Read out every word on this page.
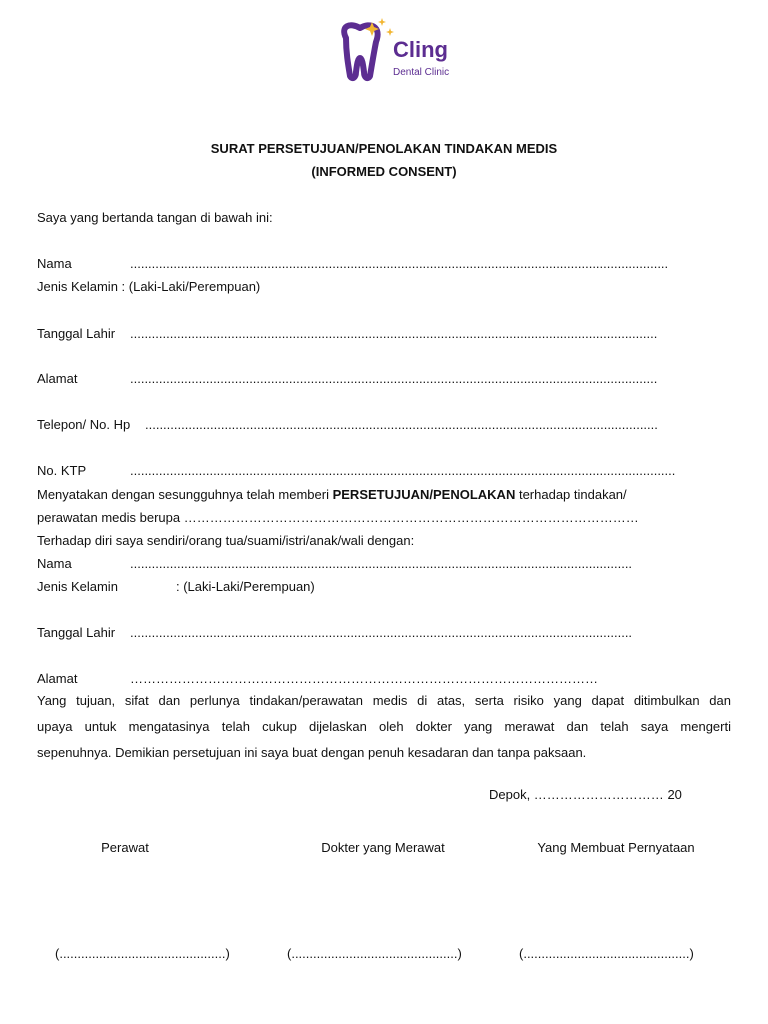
Cling
Dental Clinic
SURAT PERSETUJUAN/PENOLAKAN TINDAKAN MEDIS
(INFORMED CONSENT)
Saya yang bertanda tangan di bawah ini:
Nama	.....................................................................................................................................................
Jenis Kelamin : (Laki-Laki/Perempuan)
Tanggal Lahir ..................................................................................................................................................
Alamat	..................................................................................................................................................
Telepon/ No. Hp ..............................................................................................................................................
No. KTP	.......................................................................................................................................................
Menyatakan dengan sesungguhnya telah memberi PERSETUJUAN/PENOLAKAN terhadap tindakan/
perawatan medis berupa ……………………………………………………………………………………………
Terhadap diri saya sendiri/orang tua/suami/istri/anak/wali dengan:
Nama	...........................................................................................................................................
Jenis Kelamin	: (Laki-Laki/Perempuan)
Tanggal Lahir ...........................................................................................................................................
Alamat	………………………………………………………………………………………………
Yang tujuan, sifat dan perlunya tindakan/perawatan medis di atas, serta risiko yang dapat ditimbulkan dan
upaya untuk mengatasinya telah cukup dijelaskan oleh dokter yang merawat dan telah saya mengerti
sepenuhnya. Demikian persetujuan ini saya buat dengan penuh kesadaran dan tanpa paksaan.
Depok, ………………………… 20
Perawat	Dokter yang Merawat	Yang Membuat Pernyataan
(..............................................)	(..............................................)	(..............................................)
